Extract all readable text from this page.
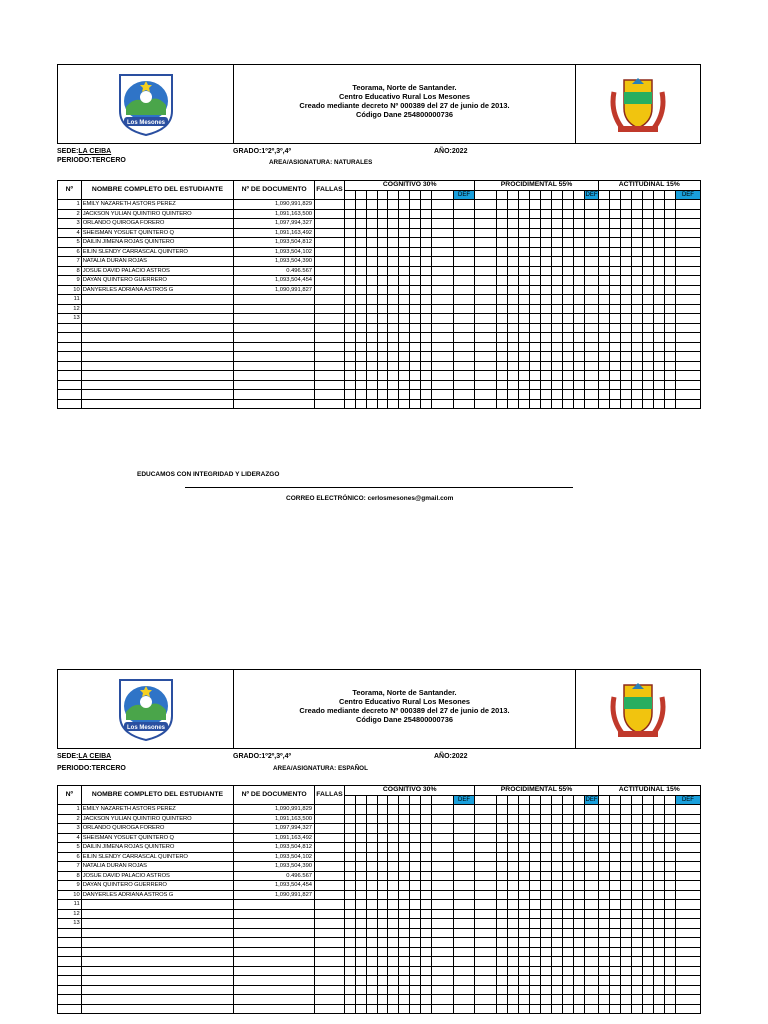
Los Mesones
Teorama, Norte de Santander.
Centro Educativo Rural Los Mesones
Creado mediante decreto Nº 000389 del 27 de junio de 2013.
Código Dane 254800000736
SEDE:LA CEIBA	GRADO:1º2º,3º,4º	AÑO:2022
PERIODO:TERCERO	AREA/ASIGNATURA: NATURALES
Nº	NOMBRE COMPLETO DEL ESTUDIANTE	Nº DE DOCUMENTO	FALLAS	COGNITIVO 30%										PROCIDIMENTAL 55%										ACTITUDINAL 15%							
													DEF										DEF								DEF
1	EMILY NAZARETH ASTORS PEREZ	1,090,991,829																													
2	JACKSON YULIAN QUINTIRO QUINTERO	1,091,163,500																													
3	ORLANDO QUIROGA FORERO	1,097,994,327																													
4	SHEISMAN YOSUET QUINTERO Q	1,091,163,492																													
5	DAILIN JIMENA ROJAS QUINTERO	1,093,504,812																													
6	EILIN SLENDY CARRASCAL QUINTERO	1,093,504,102																													
7	NATALIA DURAN ROJAS	1,093,504,390																													
8	JOSUE DAVID PALACIO ASTROS	0.496.567																													
9	DAYAN QUINTERO GUERRERO	1,093,504,454																													
10	DANYERLES ADRIANA ASTROS G	1,090,991,827																													
11																															
12																															
13																															

EDUCAMOS CON INTEGRIDAD Y LIDERAZGO
CORREO ELECTRÓNICO: cerlosmesones@gmail.com
Los Mesones
Teorama, Norte de Santander.
Centro Educativo Rural Los Mesones
Creado mediante decreto Nº 000389 del 27 de junio de 2013.
Código Dane 254800000736
SEDE:LA CEIBA	GRADO:1º2º,3º,4º	AÑO:2022
PERIODO:TERCERO	AREA/ASIGNATURA: ESPAÑOL
Nº	NOMBRE COMPLETO DEL ESTUDIANTE	Nº DE DOCUMENTO	FALLAS	COGNITIVO 30%										PROCIDIMENTAL 55%										ACTITUDINAL 15%							
													DEF										DEF								DEF
1	EMILY NAZARETH ASTORS PEREZ	1,090,991,829																													
2	JACKSON YULIAN QUINTIRO QUINTERO	1,091,163,500																													
3	ORLANDO QUIROGA FORERO	1,097,994,327																													
4	SHEISMAN YOSUET QUINTERO Q	1,091,163,492																													
5	DAILIN JIMENA ROJAS QUINTERO	1,093,504,812																													
6	EILIN SLENDY CARRASCAL QUINTERO	1,093,504,102																													
7	NATALIA DURAN ROJAS	1,093,504,390																													
8	JOSUE DAVID PALACIO ASTROS	0.496.567																													
9	DAYAN QUINTERO GUERRERO	1,093,504,454																													
10	DANYERLES ADRIANA ASTROS G	1,090,991,827																													
11																															
12																															
13																															
